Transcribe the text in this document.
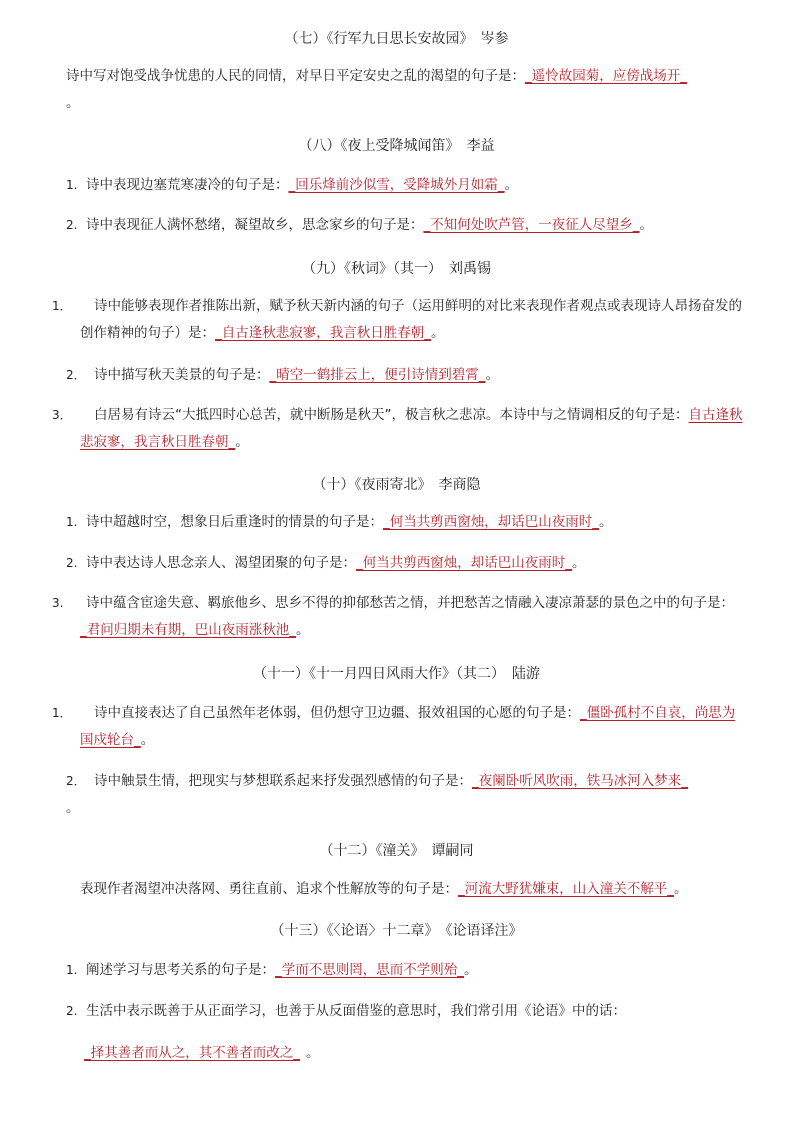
（七）《行军九日思长安故园》　岑参
诗中写对饱受战争忧患的人民的同情，对早日平定安史之乱的渴望的句子是：_遥怜故园菊，应傍战场开_
。
（八）《夜上受降城闻笛》　李益
1. 诗中表现边塞荒寒凄冷的句子是：_回乐烽前沙似雪，受降城外月如霜_。
2. 诗中表现征人满怀愁绪，凝望故乡，思念家乡的句子是：_不知何处吹芦管，一夜征人尽望乡_。
（九）《秋词》（其一）　刘禹锡
1． 诗中能够表现作者推陈出新，赋予秋天新内涵的句子（运用鲜明的对比来表现作者观点或表现诗人昂扬奋发的创作精神的句子）是：_自古逢秋悲寂寥，我言秋日胜春朝_。
2． 诗中描写秋天美景的句子是：_晴空一鹤排云上，便引诗情到碧霄_。
3． 白居易有诗云“大抵四时心总苦，就中断肠是秋天”，极言秋之悲凉。本诗中与之情调相反的句子是：自古逢秋悲寂寥，我言秋日胜春朝_。
（十）《夜雨寄北》　李商隐
1. 诗中超越时空，想象日后重逢时的情景的句子是：_何当共剪西窗烛，却话巴山夜雨时_。
2. 诗中表达诗人思念亲人、渴望团聚的句子是：_何当共剪西窗烛，却话巴山夜雨时_。
3. 诗中蕴含宦途失意、羁旅他乡、思乡不得的抑郁愁苦之情，并把愁苦之情融入凄凉萧瑟的景色之中的句子是：_君问归期未有期，巴山夜雨涨秋池_。
（十一）《十一月四日风雨大作》（其二）　陆游
1． 诗中直接表达了自己虽然年老体弱，但仍想守卫边疆、报效祖国的心愿的句子是：_僵卧孤村不自哀，尚思为国戍轮台_。
2． 诗中触景生情，把现实与梦想联系起来抒发强烈感情的句子是：_夜阑卧听风吹雨，铁马冰河入梦来_
。
（十二）《潼关》　谭嗣同
表现作者渴望冲决落网、勇往直前、追求个性解放等的句子是：_河流大野犹嫌束，山入潼关不解平_。
（十三）《〈论语〉十二章》　《论语译注》
1. 阐述学习与思考关系的句子是：_学而不思则罔，思而不学则殆_。
2. 生活中表示既善于从正面学习，也善于从反面借鉴的意思时，我们常引用《论语》中的话：
_择其善者而从之，其不善者而改之_ 。
